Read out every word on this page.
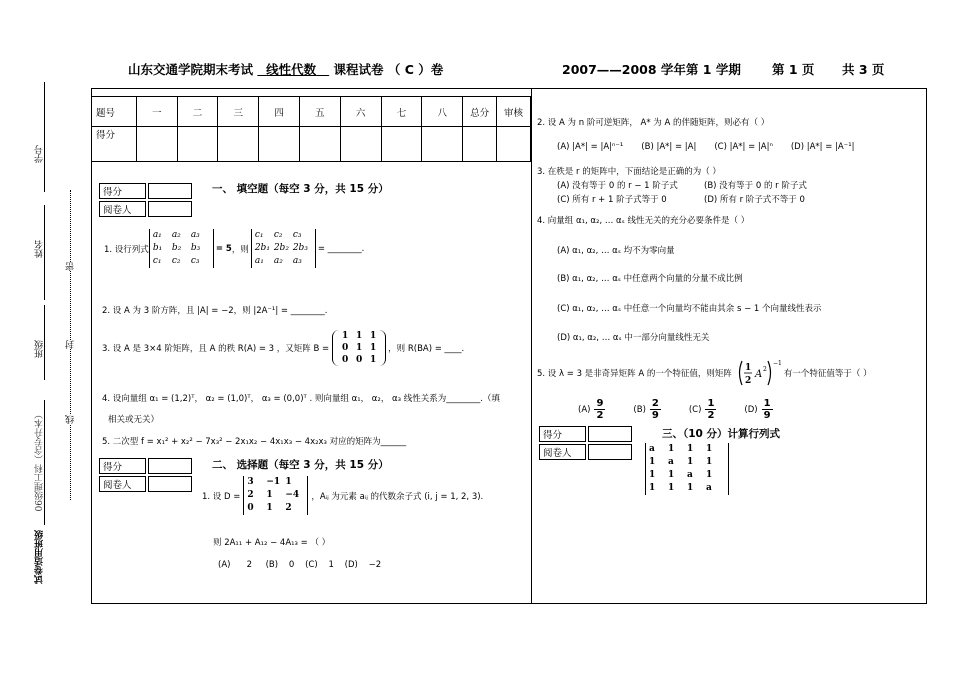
山东交通学院期末考试 线性代数 课程试卷 （ C ）卷	2007——2008 学年第 1 学期 第 1 页 共 3 页
学号
姓名
班级
密
封
线
06级理工科（含专升本）
试卷适用班级
题号	一	二	三	四	五	六	七	八	总分	审核
得分										
得分	
阅卷人	
一、 填空题（每空 3 分，共 15 分）
1. 设行列式
a₁ a₂ a₃
b₁ b₂ b₃
c₁ c₂ c₃
= 5 ，则
c₁ c₂ c₃
2b₁ 2b₂ 2b₃
a₁ a₂ a₃
= ________.
2. 设 A 为 3 阶方阵，且 |A| = −2，则 |2A⁻¹| = ________.
3. 设 A 是 3×4 阶矩阵，且 A 的秩 R(A) = 3 ，又矩阵 B =
1 1 1
0 1 1
0 0 1
，则 R(BA) = ____.
4. 设向量组 α₁ = (1,2)ᵀ， α₂ = (1,0)ᵀ， α₃ = (0,0)ᵀ . 则向量组 α₁， α₂， α₃ 线性关系为________.（填
相关或无关）
5. 二次型 f = x₁² + x₂² − 7x₃² − 2x₁x₂ − 4x₁x₃ − 4x₂x₃ 对应的矩阵为______
得分	
阅卷人	
二、 选择题（每空 3 分，共 15 分）
1. 设 D =
3 −1 1
2 1 −4
0 1 2
，Aᵢⱼ 为元素 aᵢⱼ 的代数余子式 (i, j = 1, 2, 3).
则 2A₁₁ + A₁₂ − 4A₁₃ = （ ）
(A)      2     (B)    0    (C)    1    (D)    −2
2. 设 A 为 n 阶可逆矩阵， A* 为 A 的伴随矩阵，则必有（ ）
(A) |A*| = |A|ⁿ⁻¹ (B) |A*| = |A| (C) |A*| = |A|ⁿ (D) |A*| = |A⁻¹|
3. 在秩是 r 的矩阵中，下面结论是正确的为（ ）
(A) 没有等于 0 的 r − 1 阶子式	(B) 没有等于 0 的 r 阶子式
(C) 所有 r + 1 阶子式等于 0	(D) 所有 r 阶子式不等于 0
4. 向量组 α₁, α₂, … αₛ 线性无关的充分必要条件是（ ）
(A) α₁, α₂, … αₛ 均不为零向量
(B) α₁, α₂, … αₛ 中任意两个向量的分量不成比例
(C) α₁, α₂, … αₛ 中任意一个向量均不能由其余 s − 1 个向量线性表示
(D) α₁, α₂, … αₛ 中一部分向量线性无关
5. 设 λ = 3 是非奇异矩阵 A 的一个特征值，则矩阵
1
2
A 2
−1
有一个特征值等于（ ）
(A)
9
2
(B)
2
9
(C)
1
2
(D)
1
9
得分	
阅卷人	
三、（10 分）计算行列式
a 1 1 1
1 a 1 1
1 1 a 1
1 1 1 a
